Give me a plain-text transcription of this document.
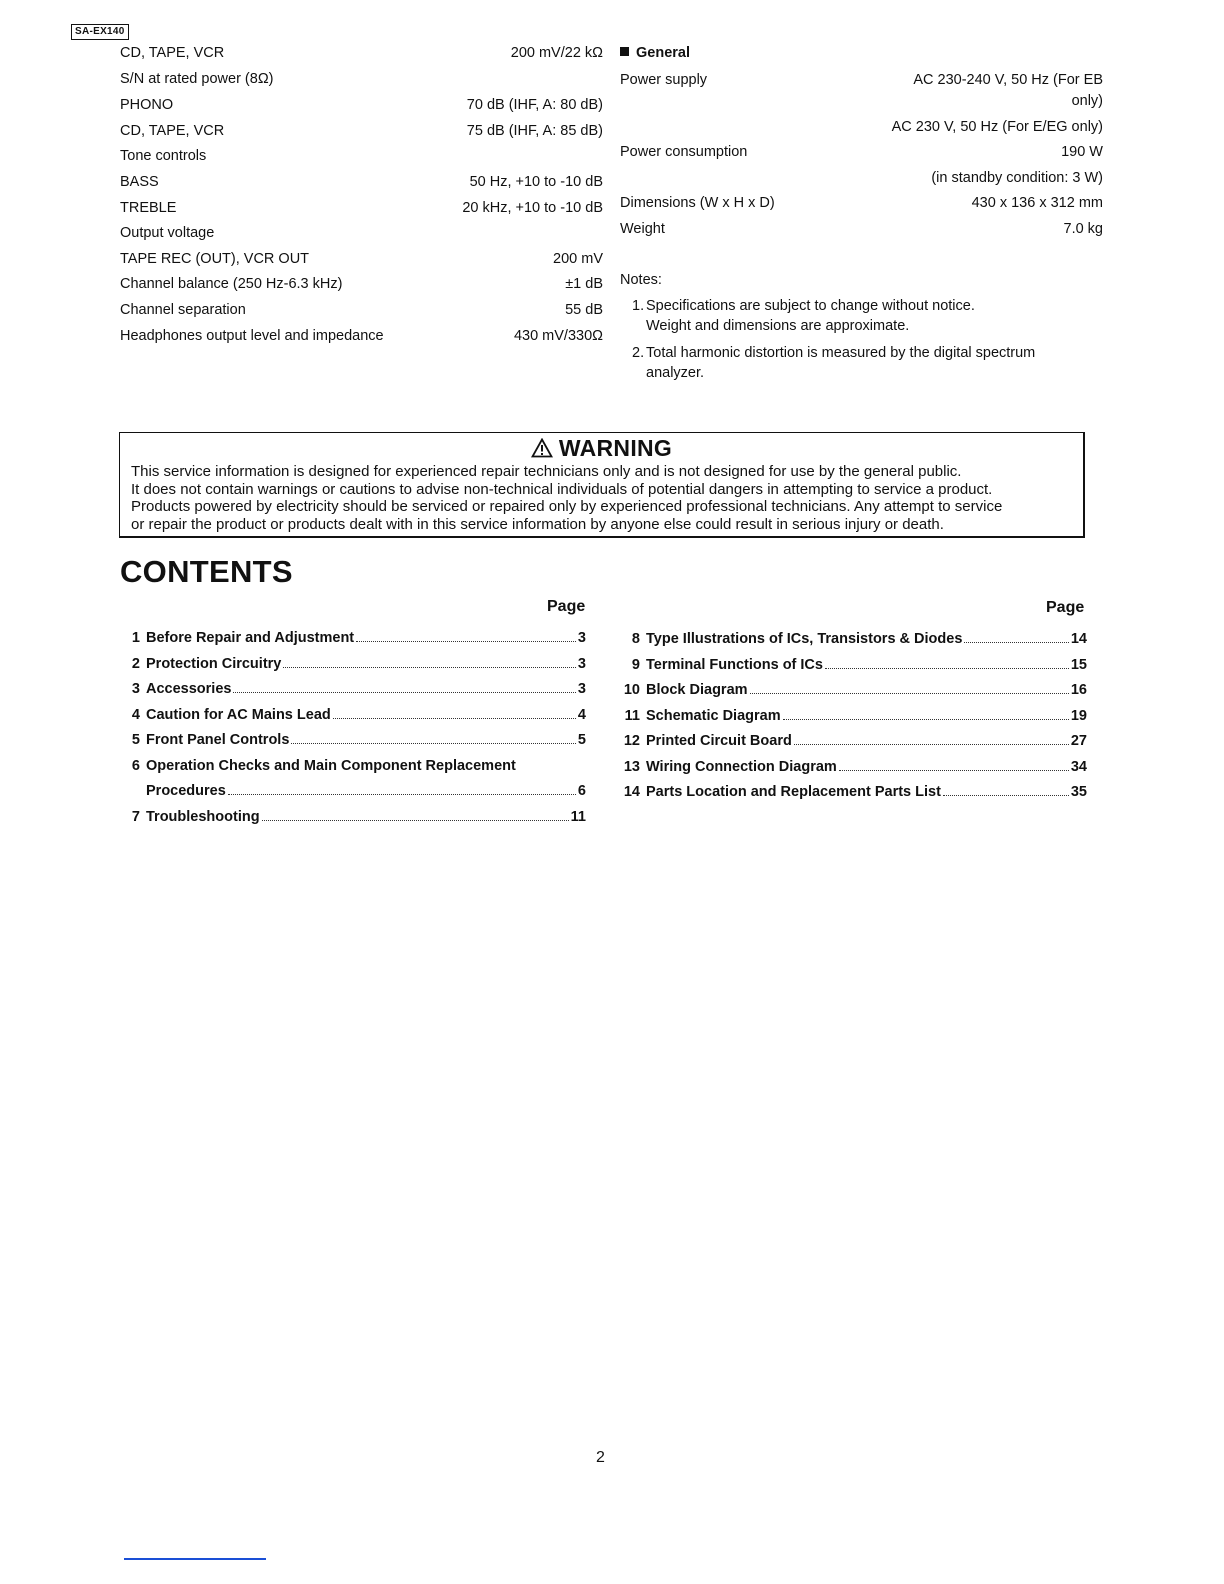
SA-EX140
CD, TAPE, VCR	200 mV/22 kΩ
S/N at rated power (8Ω)
PHONO	70 dB (IHF, A: 80 dB)
CD, TAPE, VCR	75 dB (IHF, A: 85 dB)
Tone controls
BASS	50 Hz, +10 to -10 dB
TREBLE	20 kHz, +10 to -10 dB
Output voltage
TAPE REC (OUT), VCR OUT	200 mV
Channel balance (250 Hz-6.3 kHz)	±1 dB
Channel separation	55 dB
Headphones output level and impedance	430 mV/330Ω
General
Power supply	AC 230-240 V, 50 Hz (For EB
only)
AC 230 V, 50 Hz (For E/EG only)
Power consumption	190 W
(in standby condition: 3 W)
Dimensions (W x H x D)	430 x 136 x 312 mm
Weight	7.0 kg
Notes:
1. Specifications are subject to change without notice.
Weight and dimensions are approximate.
2. Total harmonic distortion is measured by the digital spectrum
analyzer.
WARNING
This service information is designed for experienced repair technicians only and is not designed for use by the general public.
It does not contain warnings or cautions to advise non-technical individuals of potential dangers in attempting to service a product.
Products powered by electricity should be serviced or repaired only by experienced professional technicians. Any attempt to service
or repair the product or products dealt with in this service information by anyone else could result in serious injury or death.
CONTENTS
Page	Page
1 Before Repair and Adjustment	3
2 Protection Circuitry	3
3 Accessories	3
4 Caution for AC Mains Lead	4
5 Front Panel Controls	5
6 Operation Checks and Main Component Replacement
Procedures	6
7 Troubleshooting	11
8 Type Illustrations of ICs, Transistors & Diodes	14
9 Terminal Functions of ICs	15
10 Block Diagram	16
11 Schematic Diagram	19
12 Printed Circuit Board	27
13 Wiring Connection Diagram	34
14 Parts Location and Replacement Parts List	35
2
